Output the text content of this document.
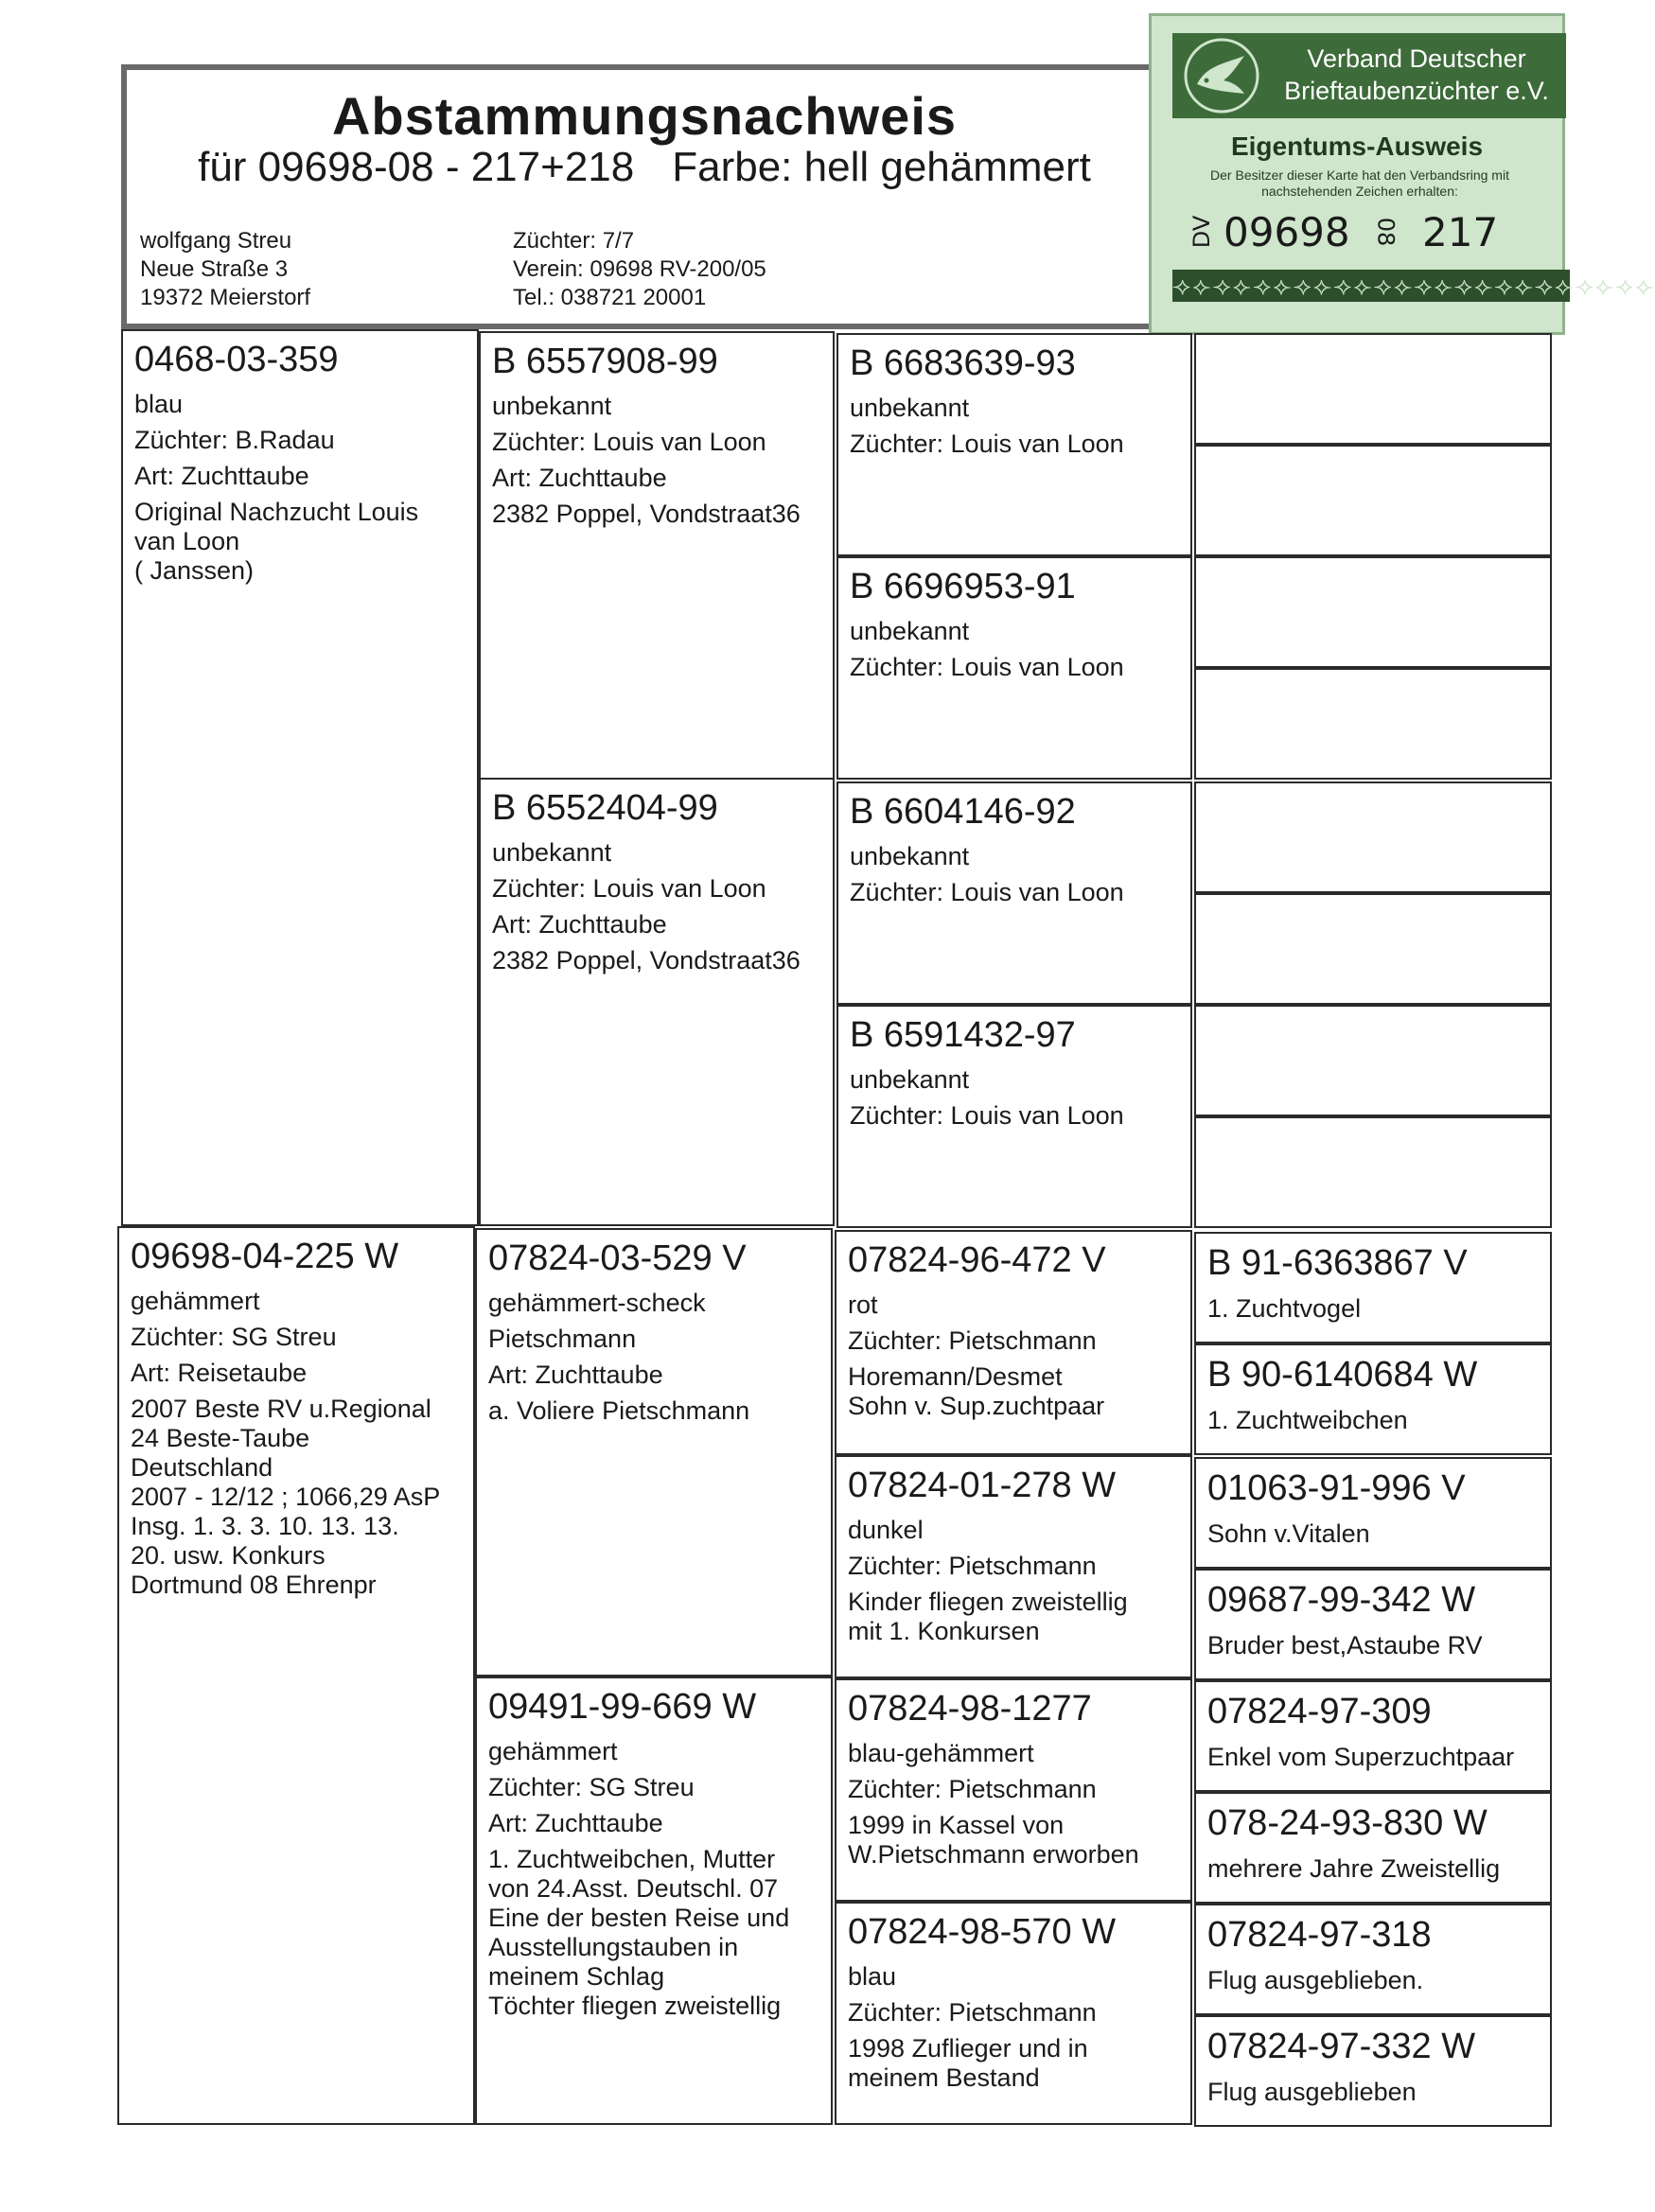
Abstammungsnachweis
für 09698-08 - 217+218 Farbe: hell gehämmert
wolfgang Streu
Neue Straße 3
19372 Meierstorf
Züchter: 7/7
Verein: 09698 RV-200/05
Tel.: 038721 20001
Verband Deutscher
Brieftaubenzüchter e.V.
Eigentums-Ausweis
Der Besitzer dieser Karte hat den Verbandsring mit nachstehenden Zeichen erhalten:
DV 09698 08 217
⟢⟣⟢⟣⟢⟣⟢⟣⟢⟣⟢⟣⟢⟣⟢⟣⟢⟣⟢⟣⟢⟣⟢⟣
0468-03-359
blau
Züchter: B.Radau
Art: Zuchttaube
Original Nachzucht Louis
van Loon
( Janssen)
09698-04-225 W
gehämmert
Züchter: SG Streu
Art: Reisetaube
2007 Beste RV u.Regional
24 Beste-Taube
Deutschland
2007 - 12/12 ; 1066,29 AsP
Insg. 1. 3. 3. 10. 13. 13.
20. usw. Konkurs
Dortmund 08 Ehrenpr
B 6557908-99
unbekannt
Züchter: Louis van Loon
Art: Zuchttaube
2382 Poppel, Vondstraat36
B 6552404-99
unbekannt
Züchter: Louis van Loon
Art: Zuchttaube
2382 Poppel, Vondstraat36
07824-03-529 V
gehämmert-scheck
Pietschmann
Art: Zuchttaube
a. Voliere Pietschmann
09491-99-669 W
gehämmert
Züchter: SG Streu
Art: Zuchttaube
1. Zuchtweibchen, Mutter
von 24.Asst. Deutschl. 07
Eine der besten Reise und
Ausstellungstauben in
meinem Schlag
Töchter fliegen zweistellig
B 6683639-93
unbekannt
Züchter: Louis van Loon
B 6696953-91
unbekannt
Züchter: Louis van Loon
B 6604146-92
unbekannt
Züchter: Louis van Loon
B 6591432-97
unbekannt
Züchter: Louis van Loon
07824-96-472 V
rot
Züchter: Pietschmann
Horemann/Desmet
Sohn v. Sup.zuchtpaar
07824-01-278 W
dunkel
Züchter: Pietschmann
Kinder fliegen zweistellig
mit 1. Konkursen
07824-98-1277
blau-gehämmert
Züchter: Pietschmann
1999 in Kassel von
W.Pietschmann erworben
07824-98-570 W
blau
Züchter: Pietschmann
1998 Zuflieger und in
meinem Bestand
B 91-6363867 V
1. Zuchtvogel
B 90-6140684 W
1. Zuchtweibchen
01063-91-996 V
Sohn v.Vitalen
09687-99-342 W
Bruder best,Astaube RV
07824-97-309
Enkel vom Superzuchtpaar
078-24-93-830 W
mehrere Jahre Zweistellig
07824-97-318
Flug ausgeblieben.
07824-97-332 W
Flug ausgeblieben
